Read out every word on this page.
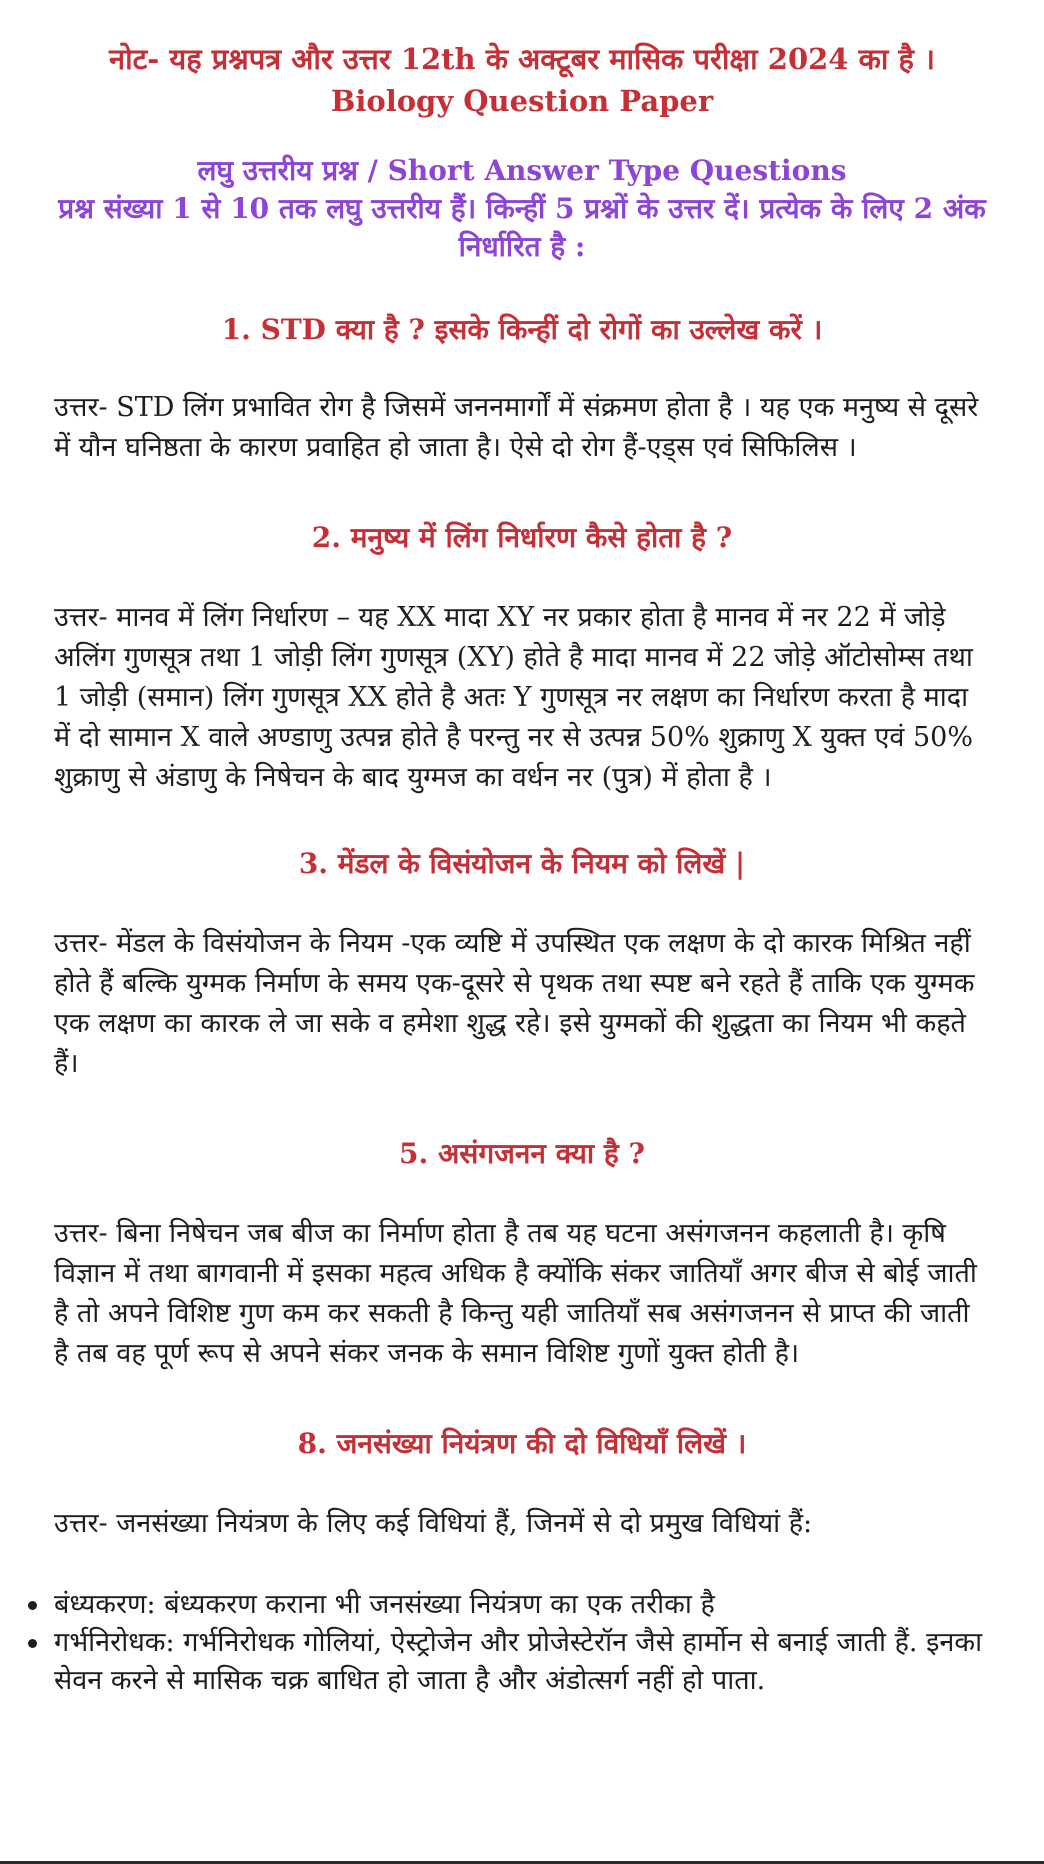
नोट- यह प्रश्नपत्र और उत्तर 12th के अक्टूबर मासिक परीक्षा 2024 का है ।

Biology Question Paper

लघु उत्तरीय प्रश्न / Short Answer Type Questions

प्रश्न संख्या 1 से 10 तक लघु उत्तरीय हैं। किन्हीं 5 प्रश्नों के उत्तर दें। प्रत्येक के लिए 2 अंक निर्धारित है :

1. STD क्या है ? इसके किन्हीं दो रोगों का उल्लेख करें ।

उत्तर- STD लिंग प्रभावित रोग है जिसमें जननमार्गों में संक्रमण होता है । यह एक मनुष्य से दूसरे में यौन घनिष्ठता के कारण प्रवाहित हो जाता है। ऐसे दो रोग हैं-एड्स एवं सिफिलिस ।

2. मनुष्य में लिंग निर्धारण कैसे होता है ?

उत्तर- मानव में लिंग निर्धारण – यह XX मादा XY नर प्रकार होता है मानव में नर 22 में जोड़े अलिंग गुणसूत्र तथा 1 जोड़ी लिंग गुणसूत्र (XY) होते है मादा मानव में 22 जोड़े ऑटोसोम्स तथा 1 जोड़ी (समान) लिंग गुणसूत्र XX होते है अतः Y गुणसूत्र नर लक्षण का निर्धारण करता है मादा में दो सामान X वाले अण्डाणु उत्पन्न होते है परन्तु नर से उत्पन्न 50% शुक्राणु X युक्त एवं 50% शुक्राणु से अंडाणु के निषेचन के बाद युग्मज का वर्धन नर (पुत्र) में होता है ।

3. मेंडल के विसंयोजन के नियम को लिखें |

उत्तर- मेंडल के विसंयोजन के नियम -एक व्यष्टि में उपस्थित एक लक्षण के दो कारक मिश्रित नहीं होते हैं बल्कि युग्मक निर्माण के समय एक-दूसरे से पृथक तथा स्पष्ट बने रहते हैं ताकि एक युग्मक एक लक्षण का कारक ले जा सके व हमेशा शुद्ध रहे। इसे युग्मकों की शुद्धता का नियम भी कहते हैं।

5. असंगजनन क्या है ?

उत्तर- बिना निषेचन जब बीज का निर्माण होता है तब यह घटना असंगजनन कहलाती है। कृषि विज्ञान में तथा बागवानी में इसका महत्व अधिक है क्योंकि संकर जातियाँ अगर बीज से बोई जाती है तो अपने विशिष्ट गुण कम कर सकती है किन्तु यही जातियाँ सब असंगजनन से प्राप्त की जाती है तब वह पूर्ण रूप से अपने संकर जनक के समान विशिष्ट गुणों युक्त होती है।

8. जनसंख्या नियंत्रण की दो विधियाँ लिखें ।

उत्तर- जनसंख्या नियंत्रण के लिए कई विधियां हैं, जिनमें से दो प्रमुख विधियां हैं:

बंध्यकरण: बंध्यकरण कराना भी जनसंख्या नियंत्रण का एक तरीका है
गर्भनिरोधक: गर्भनिरोधक गोलियां, ऐस्ट्रोजेन और प्रोजेस्टेरॉन जैसे हार्मोन से बनाई जाती हैं. इनका सेवन करने से मासिक चक्र बाधित हो जाता है और अंडोत्सर्ग नहीं हो पाता.
